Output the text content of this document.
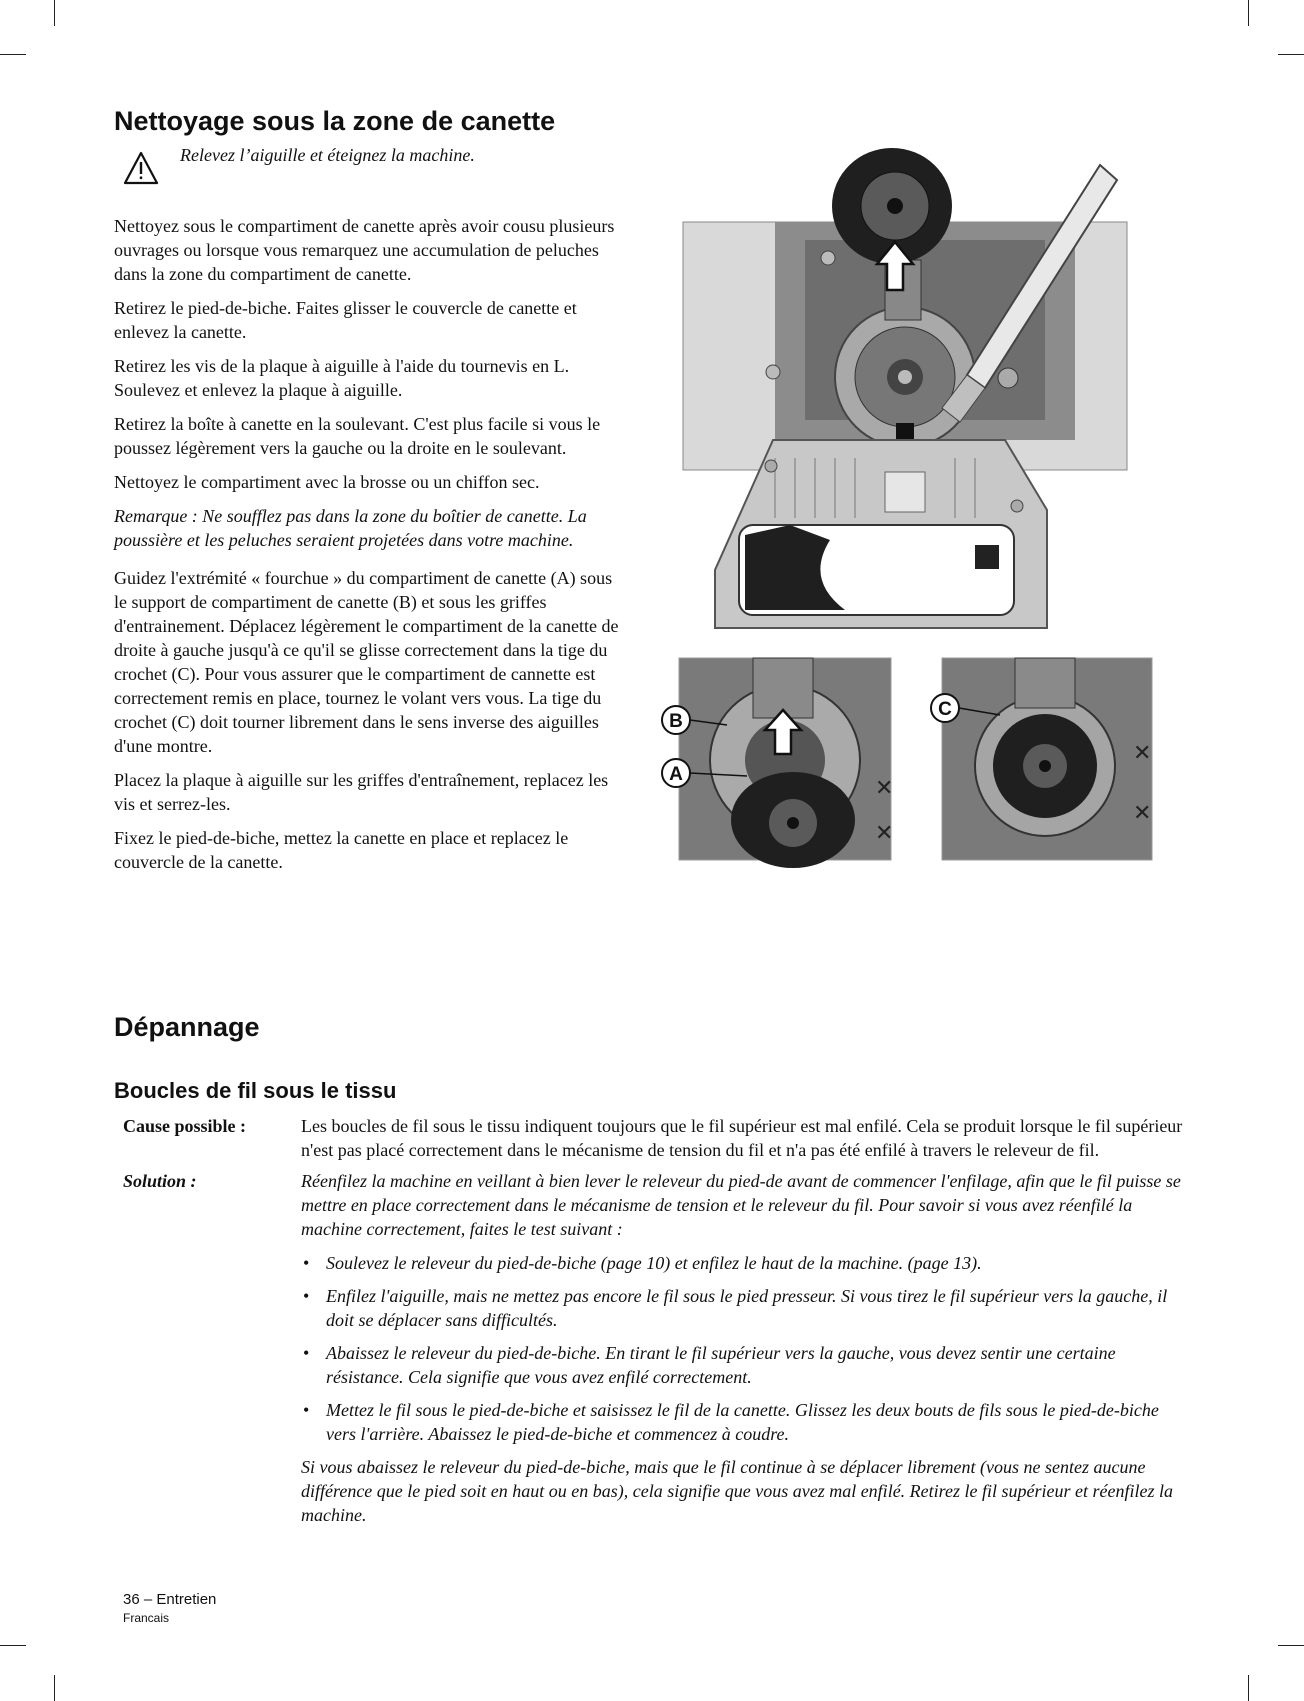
Nettoyage sous la zone de canette
Relevez l’aiguille et éteignez la machine.

Nettoyez sous le compartiment de canette après avoir cousu plusieurs ouvrages ou lorsque vous remarquez une accumulation de peluches dans la zone du compartiment de canette.

Retirez le pied-de-biche. Faites glisser le couvercle de canette et enlevez la canette.

Retirez les vis de la plaque à aiguille à l'aide du tournevis en L. Soulevez et enlevez la plaque à aiguille.

Retirez la boîte à canette en la soulevant. C'est plus facile si vous le poussez légèrement vers la gauche ou la droite en le soulevant.

Nettoyez le compartiment avec la brosse ou un chiffon sec.

Remarque : Ne soufflez pas dans la zone du boîtier de canette. La poussière et les peluches seraient projetées dans votre machine.

Guidez l'extrémité « fourchue » du compartiment de canette (A) sous le support de compartiment de canette (B) et sous les griffes d'entrainement. Déplacez légèrement le compartiment de la canette de droite à gauche jusqu'à ce qu'il se glisse correctement dans la tige du crochet (C). Pour vous assurer que le compartiment de cannette est correctement remis en place, tournez le volant vers vous. La tige du crochet (C) doit tourner librement dans le sens inverse des aiguilles d'une montre.

Placez la plaque à aiguille sur les griffes d'entraînement, replacez les vis et serrez-les.

Fixez le pied-de-biche, mettez la canette en place et replacez le couvercle de la canette.

✕
✕
✕
✕
B
A
C
Dépannage
Boucles de fil sous le tissu
Cause possible :	Les boucles de fil sous le tissu indiquent toujours que le fil supérieur est mal enfilé. Cela se produit lorsque le fil supérieur n'est pas placé correctement dans le mécanisme de tension du fil et n'a pas été enfilé à travers le releveur de fil.

Solution :	Réenfilez la machine en veillant à bien lever le releveur du pied-de avant de commencer l'enfilage, afin que le fil puisse se mettre en place correctement dans le mécanisme de tension et le releveur du fil. Pour savoir si vous avez réenfilé la machine correctement, faites le test suivant :

• Soulevez le releveur du pied-de-biche (page 10) et enfilez le haut de la machine. (page 13).
• Enfilez l'aiguille, mais ne mettez pas encore le fil sous le pied presseur. Si vous tirez le fil supérieur vers la gauche, il doit se déplacer sans difficultés.
• Abaissez le releveur du pied-de-biche. En tirant le fil supérieur vers la gauche, vous devez sentir une certaine résistance. Cela signifie que vous avez enfilé correctement.
• Mettez le fil sous le pied-de-biche et saisissez le fil de la canette. Glissez les deux bouts de fils sous le pied-de-biche vers l'arrière. Abaissez le pied-de-biche et commencez à coudre.

Si vous abaissez le releveur du pied-de-biche, mais que le fil continue à se déplacer librement (vous ne sentez aucune différence que le pied soit en haut ou en bas), cela signifie que vous avez mal enfilé. Retirez le fil supérieur et réenfilez la machine.

36 – Entretien
Francais
